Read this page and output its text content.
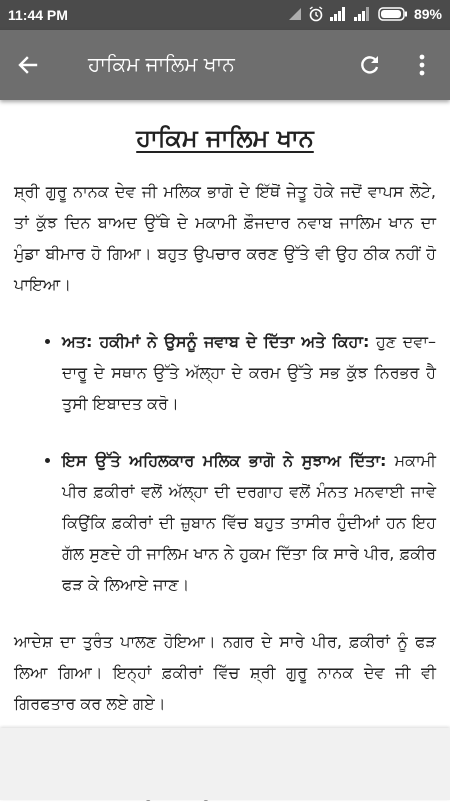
11:44 PM	89%
ਹਾਕਿਮ ਜਾਲਿਮ ਖਾਨ
ਹਾਕਿਮ ਜਾਲਿਮ ਖਾਨ

ਸ਼੍ਰੀ ਗੁਰੂ ਨਾਨਕ ਦੇਵ ਜੀ ਮਲਿਕ ਭਾਗੋ ਦੇ ਇੱਥੋਂ ਜੇਤੂ ਹੋਕੇ ਜਦੋਂ ਵਾਪਸ ਲੋਟੇ, ਤਾਂ ਕੁੱਝ ਦਿਨ ਬਾਅਦ ਉੱਥੇ ਦੇ ਮਕਾਮੀ ਫ਼ੌਜਦਾਰ ਨਵਾਬ ਜਾਲਿਮ ਖਾਨ ਦਾ ਮੁੰਡਾ ਬੀਮਾਰ ਹੋ ਗਿਆ। ਬਹੁਤ ਉਪਚਾਰ ਕਰਣ ਉੱਤੇ ਵੀ ਉਹ ਠੀਕ ਨਹੀਂ ਹੋ ਪਾਇਆ।

• ਅਤ: ਹਕੀਮਾਂ ਨੇ ਉਸਨੂੰ ਜਵਾਬ ਦੇ ਦਿੱਤਾ ਅਤੇ ਕਿਹਾ: ਹੁਣ ਦਵਾ–ਦਾਰੂ ਦੇ ਸਥਾਨ ਉੱਤੇ ਅੱਲ੍ਹਾ ਦੇ ਕਰਮ ਉੱਤੇ ਸਭ ਕੁੱਝ ਨਿਰਭਰ ਹੈ ਤੁਸੀ ਇਬਾਦਤ ਕਰੋ।
• ਇਸ ਉੱਤੇ ਅਹਿਲਕਾਰ ਮਲਿਕ ਭਾਗੋ ਨੇ ਸੁਝਾਅ ਦਿੱਤਾ: ਮਕਾਮੀ ਪੀਰ ਫ਼ਕੀਰਾਂ ਵਲੋਂ ਅੱਲ੍ਹਾ ਦੀ ਦਰਗਾਹ ਵਲੋਂ ਮੰਨਤ ਮਨਵਾਈ ਜਾਵੇ ਕਿਉਂਕਿ ਫ਼ਕੀਰਾਂ ਦੀ ਜ਼ੁਬਾਨ ਵਿੱਚ ਬਹੁਤ ਤਾਸੀਰ ਹੁੰਦੀਆਂ ਹਨ ਇਹ ਗੱਲ ਸੁਣਦੇ ਹੀ ਜਾਲਿਮ ਖਾਨ ਨੇ ਹੁਕਮ ਦਿੱਤਾ ਕਿ ਸਾਰੇ ਪੀਰ, ਫ਼ਕੀਰ ਫੜ ਕੇ ਲਿਆਏ ਜਾਣ।

ਆਦੇਸ਼ ਦਾ ਤੁਰੰਤ ਪਾਲਣ ਹੋਇਆ। ਨਗਰ ਦੇ ਸਾਰੇ ਪੀਰ, ਫ਼ਕੀਰਾਂ ਨੂੰ ਫੜ ਲਿਆ ਗਿਆ। ਇਨ੍ਹਾਂ ਫ਼ਕੀਰਾਂ ਵਿੱਚ ਸ਼੍ਰੀ ਗੁਰੂ ਨਾਨਕ ਦੇਵ ਜੀ ਵੀ ਗਿਰਫਤਾਰ ਕਰ ਲਏ ਗਏ।

•
